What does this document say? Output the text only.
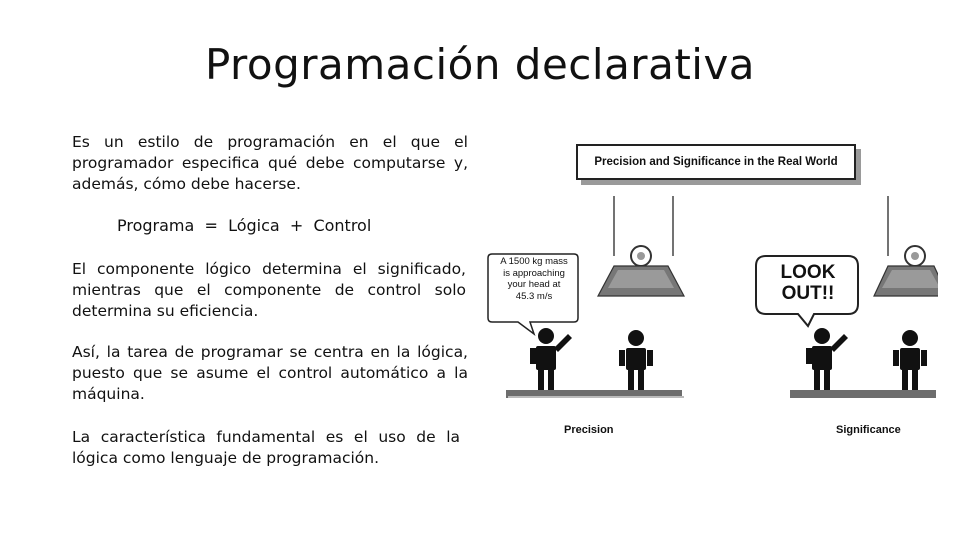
Programación declarativa
Es un estilo de programación en el que el programador especifica qué debe computarse y, además, cómo debe hacerse.
Programa  =  Lógica  +  Control
El componente lógico determina el significado, mientras que el componente de control solo determina su eficiencia.
Así, la tarea de programar se centra en la lógica, puesto que se asume el control automático a la máquina.
La característica fundamental es el uso de la lógica como lenguaje de programación.
Precision and Significance in the Real World
A 1500 kg mass
is approaching
your head at
45.3 m/s
LOOK
OUT!!
Precision	Significance
